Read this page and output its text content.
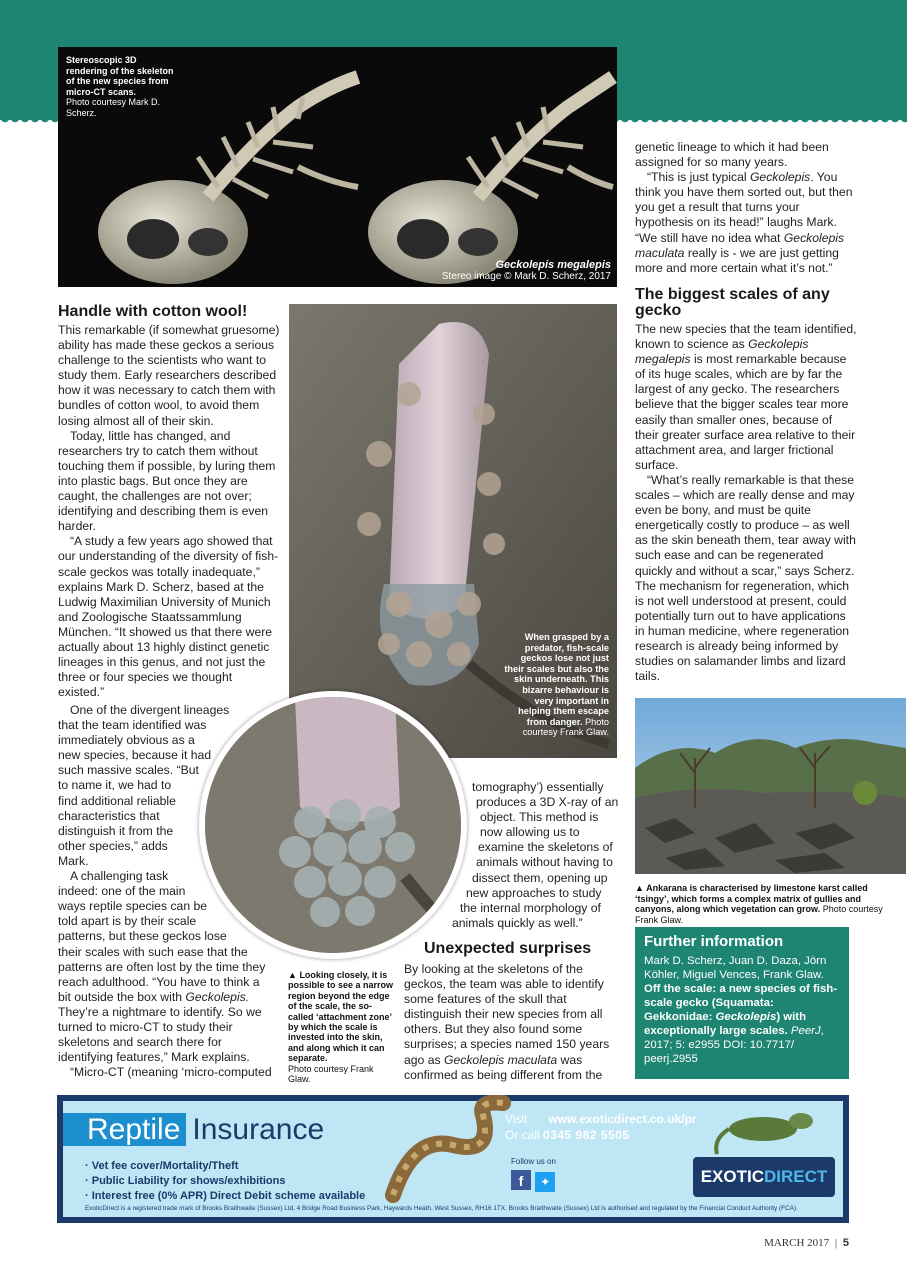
Stereoscopic 3D rendering of the skeleton of the new species from micro-CT scans.
Photo courtesy Mark D. Scherz.
Geckolepis megalepis
Stereo image © Mark D. Scherz, 2017
Handle with cotton wool!

This remarkable (if somewhat gruesome) ability has made these geckos a serious challenge to the scientists who want to study them. Early researchers described how it was necessary to catch them with bundles of cotton wool, to avoid them losing almost all of their skin.

Today, little has changed, and researchers try to catch them without touching them if possible, by luring them into plastic bags. But once they are caught, the challenges are not over; identifying and describing them is even harder.

“A study a few years ago showed that our understanding of the diversity of fish-scale geckos was totally inadequate,” explains Mark D. Scherz, based at the Ludwig Maximilian University of Munich and Zoologische Staatssammlung München. “It showed us that there were actually about 13 highly distinct genetic lineages in this genus, and not just the three or four species we thought existed.”

One of the divergent lineages
that the team identified was
immediately obvious as a
new species, because it had
such massive scales. “But
to name it, we had to
find additional reliable
characteristics that
distinguish it from the
other species,” adds
Mark.
A challenging task
indeed: one of the main
ways reptile species can be
told apart is by their scale
patterns, but these geckos lose
their scales with such ease that the
patterns are often lost by the time they
reach adulthood. “You have to think a
bit outside the box with Geckolepis.
They’re a nightmare to identify. So we
turned to micro-CT to study their
skeletons and search there for
identifying features,” Mark explains.
“Micro-CT (meaning ‘micro-computed
When grasped by a predator, fish-scale geckos lose not just their scales but also the skin underneath. This bizarre behaviour is very important in helping them escape from danger. Photo courtesy Frank Glaw.
tomography’) essentially
produces a 3D X-ray of an
object. This method is
now allowing us to
examine the skeletons of
animals without having to
dissect them, opening up
new approaches to study
the internal morphology of
animals quickly as well.”
Unexpected surprises
By looking at the skeletons of the geckos, the team was able to identify some features of the skull that distinguish their new species from all others. But they also found some surprises; a species named 150 years ago as Geckolepis maculata was confirmed as being different from the
▲ Looking closely, it is possible to see a narrow region beyond the edge of the scale, the so-called ‘attachment zone’ by which the scale is invested into the skin, and along which it can separate.
Photo courtesy Frank Glaw.

genetic lineage to which it had been assigned for so many years.

“This is just typical Geckolepis. You think you have them sorted out, but then you get a result that turns your hypothesis on its head!” laughs Mark. “We still have no idea what Geckolepis maculata really is - we are just getting more and more certain what it’s not.”

The biggest scales of any gecko

The new species that the team identified, known to science as Geckolepis megalepis is most remarkable because of its huge scales, which are by far the largest of any gecko. The researchers believe that the bigger scales tear more easily than smaller ones, because of their greater surface area relative to their attachment area, and larger frictional surface.

“What’s really remarkable is that these scales – which are really dense and may even be bony, and must be quite energetically costly to produce – as well as the skin beneath them, tear away with such ease and can be regenerated quickly and without a scar,” says Scherz. The mechanism for regeneration, which is not well understood at present, could potentially turn out to have applications in human medicine, where regeneration research is already being informed by studies on salamander limbs and lizard tails.

▲ Ankarana is characterised by limestone karst called ‘tsingy’, which forms a complex matrix of gullies and canyons, along which vegetation can grow. Photo courtesy Frank Glaw.
Further information
Mark D. Scherz, Juan D. Daza, Jörn Köhler, Miguel Vences, Frank Glaw. Off the scale: a new species of fish-scale gecko (Squamata: Gekkonidae: Geckolepis) with exceptionally large scales. PeerJ, 2017; 5: e2955 DOI: 10.7717/ peerj.2955
Reptile Insurance
· Vet fee cover/Mortality/Theft
· Public Liability for shows/exhibitions
· Interest free (0% APR) Direct Debit scheme available
Visit www.exoticdirect.co.uk/pr
Or call 0345 982 5505
Follow us on
f ✦	EXOTICDIRECT
ExoticDirect is a registered trade mark of Brooks Braithwaite (Sussex) Ltd, 4 Bridge Road Business Park, Haywards Heath, West Sussex, RH16 1TX. Brooks Braithwaite (Sussex) Ltd is authorised and regulated by the Financial Conduct Authority (FCA).
MARCH 2017 | 5
